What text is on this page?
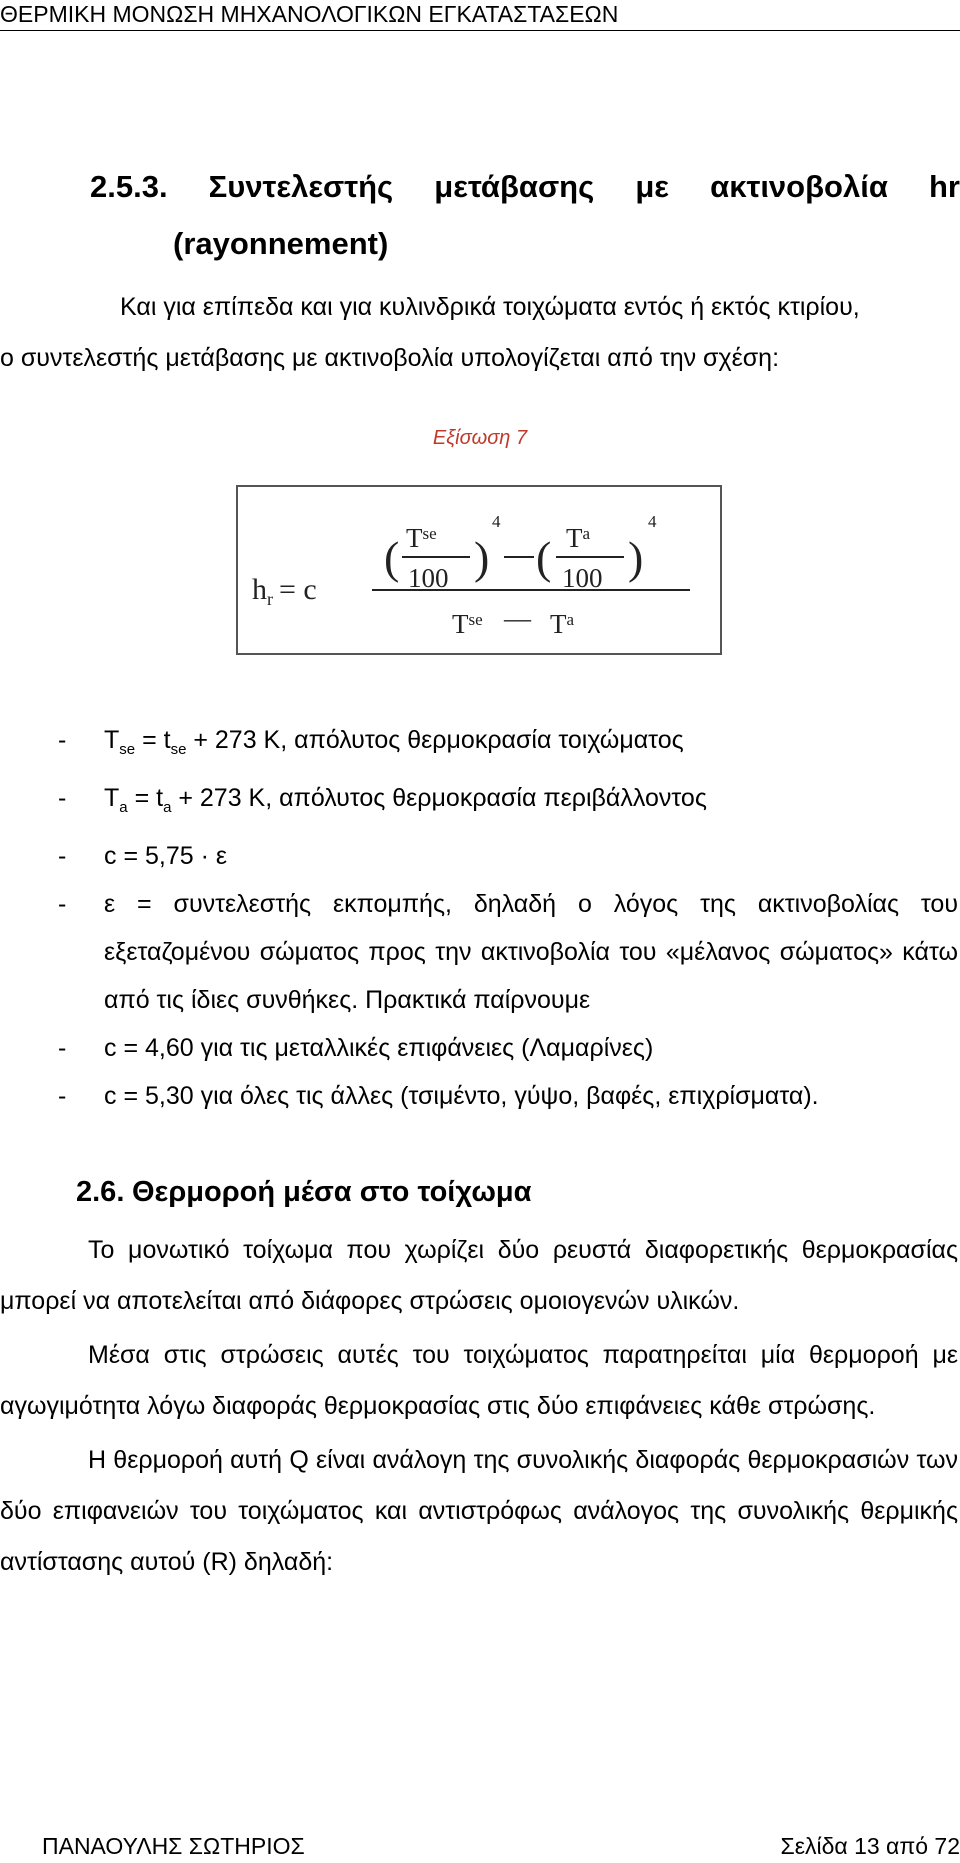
ΘΕΡΜΙΚΗ ΜΟΝΩΣΗ ΜΗΧΑΝΟΛΟΓΙΚΩΝ ΕΓΚΑΤΑΣΤΑΣΕΩΝ
2.5.3. Συντελεστής μετάβασης με ακτινοβολία hr
(rayonnement)
Και για επίπεδα και για κυλινδρικά τοιχώματα εντός ή εκτός κτιρίου,
ο συντελεστής μετάβασης με ακτινοβολία υπολογίζεται από την σχέση:
Εξίσωση 7
$h_r = c$
( $T^{se}$
100 )
4
( $T^a$
100 )
4
$T^{se}$ — $T^a$
- $T_{se} = t_{se} + 273$ K, απόλυτος θερμοκρασία τοιχώματος
- $T_a = t_a + 273$ K, απόλυτος θερμοκρασία περιβάλλοντος
- c = 5,75 · ε
- ε = συντελεστής εκπομπής, δηλαδή ο λόγος της ακτινοβολίας του εξεταζομένου σώματος προς την ακτινοβολία του «μέλανος σώματος» κάτω από τις ίδιες συνθήκες. Πρακτικά παίρνουμε
- c = 4,60 για τις μεταλλικές επιφάνειες (Λαμαρίνες)
- c = 5,30 για όλες τις άλλες (τσιμέντο, γύψο, βαφές, επιχρίσματα).
2.6. Θερμοροή μέσα στο τοίχωμα

Το μονωτικό τοίχωμα που χωρίζει δύο ρευστά διαφορετικής θερμοκρασίας μπορεί να αποτελείται από διάφορες στρώσεις ομοιογενών υλικών.

Μέσα στις στρώσεις αυτές του τοιχώματος παρατηρείται μία θερμοροή με αγωγιμότητα λόγω διαφοράς θερμοκρασίας στις δύο επιφάνειες κάθε στρώσης.

Η θερμοροή αυτή Q είναι ανάλογη της συνολικής διαφοράς θερμοκρασιών των δύο επιφανειών του τοιχώματος και αντιστρόφως ανάλογος της συνολικής θερμικής αντίστασης αυτού (R) δηλαδή:

ΠΑΝΑΟΥΛΗΣ ΣΩΤΗΡΙΟΣ	Σελίδα 13 από 72
